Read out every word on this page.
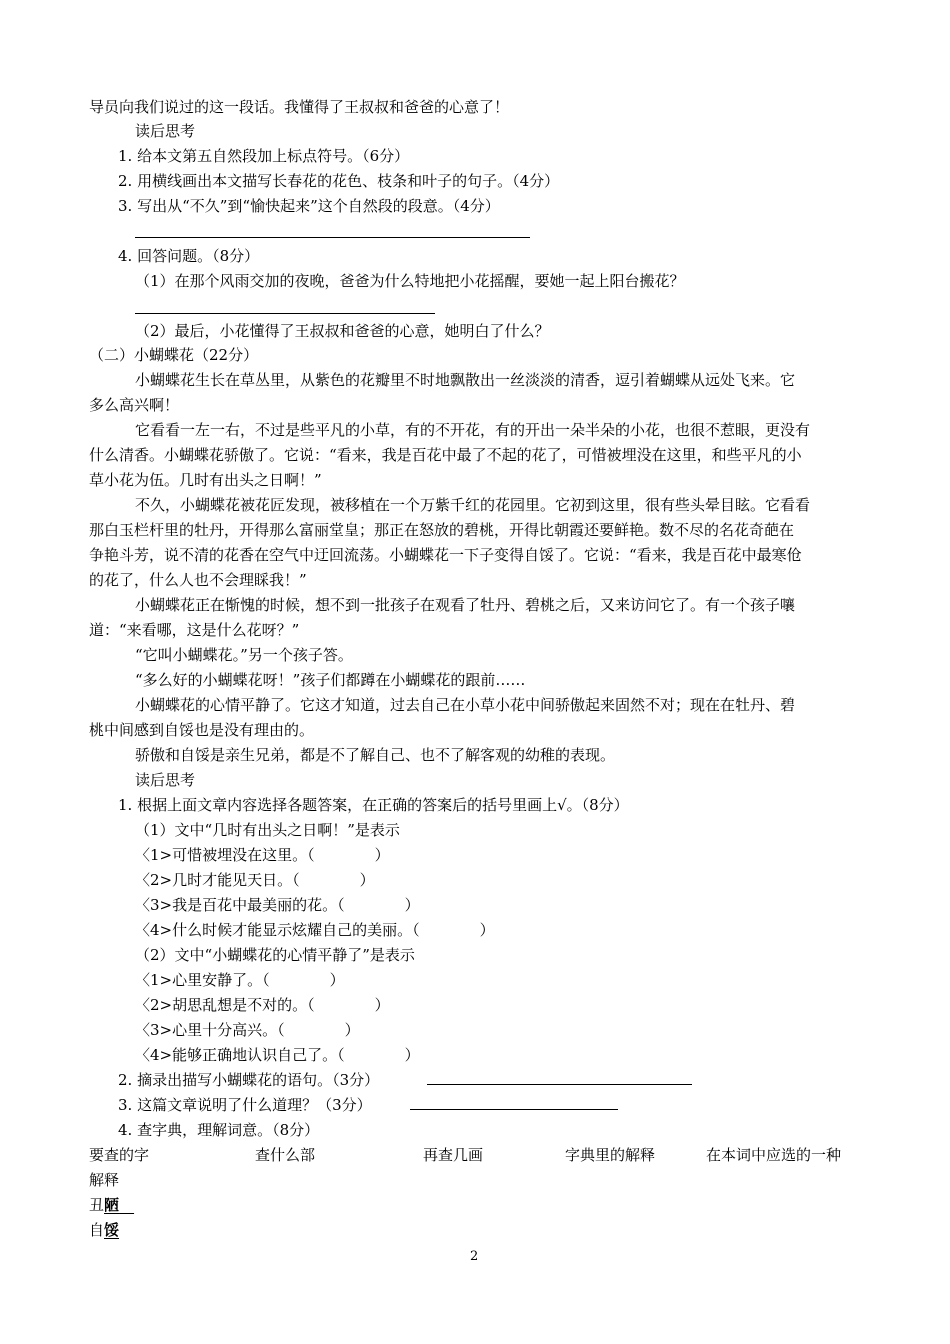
导员向我们说过的这一段话。我懂得了王叔叔和爸爸的心意了！
读后思考
1. 给本文第五自然段加上标点符号。（6分）
2. 用横线画出本文描写长春花的花色、枝条和叶子的句子。（4分）
3. 写出从“不久”到“愉快起来”这个自然段的段意。（4分）
4. 回答问题。（8分）
（1）在那个风雨交加的夜晚，爸爸为什么特地把小花摇醒，要她一起上阳台搬花？
（2）最后，小花懂得了王叔叔和爸爸的心意，她明白了什么？
（二）小蝴蝶花（22分）
小蝴蝶花生长在草丛里，从紫色的花瓣里不时地飘散出一丝淡淡的清香，逗引着蝴蝶从远处飞来。它
多么高兴啊！
它看看一左一右，不过是些平凡的小草，有的不开花，有的开出一朵半朵的小花，也很不惹眼，更没有
什么清香。小蝴蝶花骄傲了。它说：“看来，我是百花中最了不起的花了，可惜被埋没在这里，和些平凡的小
草小花为伍。几时有出头之日啊！”
不久，小蝴蝶花被花匠发现，被移植在一个万紫千红的花园里。它初到这里，很有些头晕目眩。它看看
那白玉栏杆里的牡丹，开得那么富丽堂皇；那正在怒放的碧桃，开得比朝霞还要鲜艳。数不尽的名花奇葩在
争艳斗芳，说不清的花香在空气中迂回流荡。小蝴蝶花一下子变得自馁了。它说：“看来，我是百花中最寒伧
的花了，什么人也不会理睬我！”
小蝴蝶花正在惭愧的时候，想不到一批孩子在观看了牡丹、碧桃之后，又来访问它了。有一个孩子嚷
道：“来看哪，这是什么花呀？”
“它叫小蝴蝶花。”另一个孩子答。
“多么好的小蝴蝶花呀！”孩子们都蹲在小蝴蝶花的跟前……
小蝴蝶花的心情平静了。它这才知道，过去自己在小草小花中间骄傲起来固然不对；现在在牡丹、碧
桃中间感到自馁也是没有理由的。
骄傲和自馁是亲生兄弟，都是不了解自己、也不了解客观的幼稚的表现。
读后思考
1. 根据上面文章内容选择各题答案，在正确的答案后的括号里画上√。（8分）
（1）文中“几时有出头之日啊！”是表示
〈1>可惜被埋没在这里。（　　　　）
〈2>几时才能见天日。（　　　　）
〈3>我是百花中最美丽的花。（　　　　）
〈4>什么时候才能显示炫耀自己的美丽。（　　　　）
（2）文中“小蝴蝶花的心情平静了”是表示
〈1>心里安静了。（　　　　）
〈2>胡思乱想是不对的。（　　　　）
〈3>心里十分高兴。（　　　　）
〈4>能够正确地认识自己了。（　　　　）
2. 摘录出描写小蝴蝶花的语句。（3分）
3. 这篇文章说明了什么道理？（3分）
4. 查字典，理解词意。（8分）
要查的字	查什么部	再查几画	字典里的解释	在本词中应选的一种
解释
丑陋　
自馁
2
